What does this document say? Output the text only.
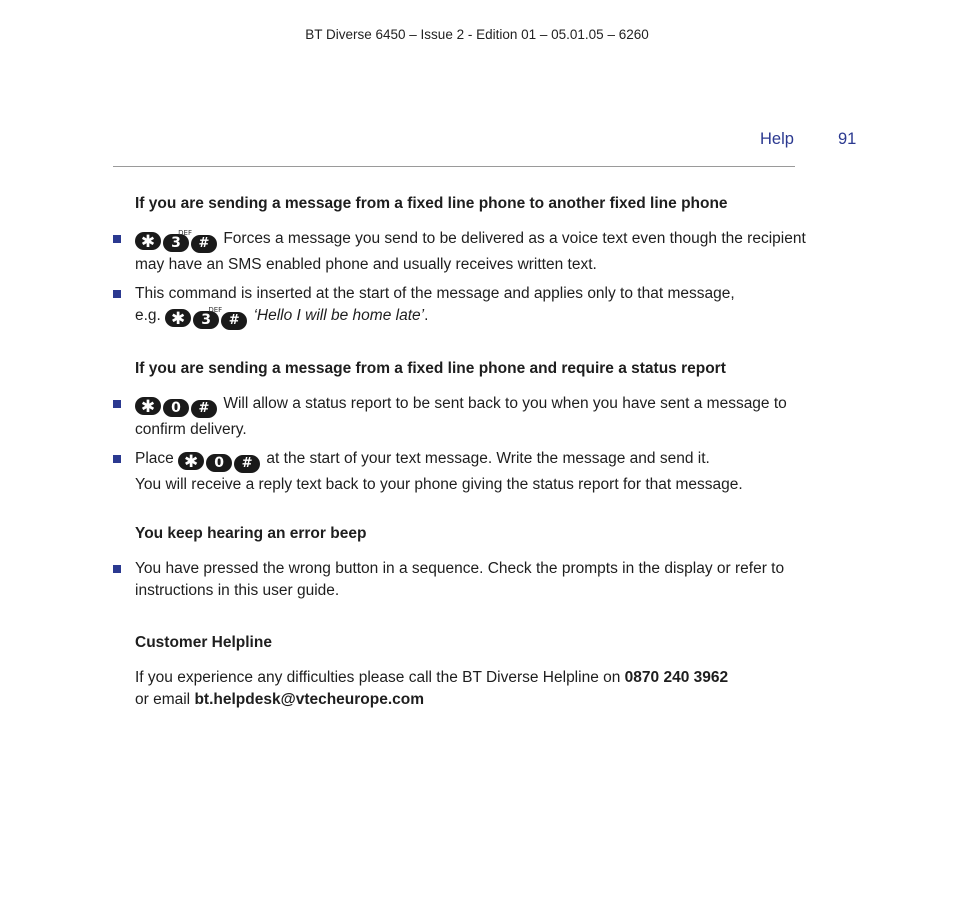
BT Diverse 6450 – Issue 2 - Edition 01 – 05.01.05 – 6260
Help	91
If you are sending a message from a fixed line phone to another fixed line phone
✱ 3
DEF
# Forces a message you send to be delivered as a voice text even though the recipient may have an SMS enabled phone and usually receives written text.
This command is inserted at the start of the message and applies only to that message,
e.g. ✱ 3
DEF
# ‘Hello I will be home late’.
If you are sending a message from a fixed line phone and require a status report
✱ 0 # Will allow a status report to be sent back to you when you have sent a message to confirm delivery.
Place ✱ 0 # at the start of your text message. Write the message and send it.
You will receive a reply text back to your phone giving the status report for that message.
You keep hearing an error beep
You have pressed the wrong button in a sequence. Check the prompts in the display or refer to instructions in this user guide.
Customer Helpline
If you experience any difficulties please call the BT Diverse Helpline on 0870 240 3962
or email bt.helpdesk@vtecheurope.com
